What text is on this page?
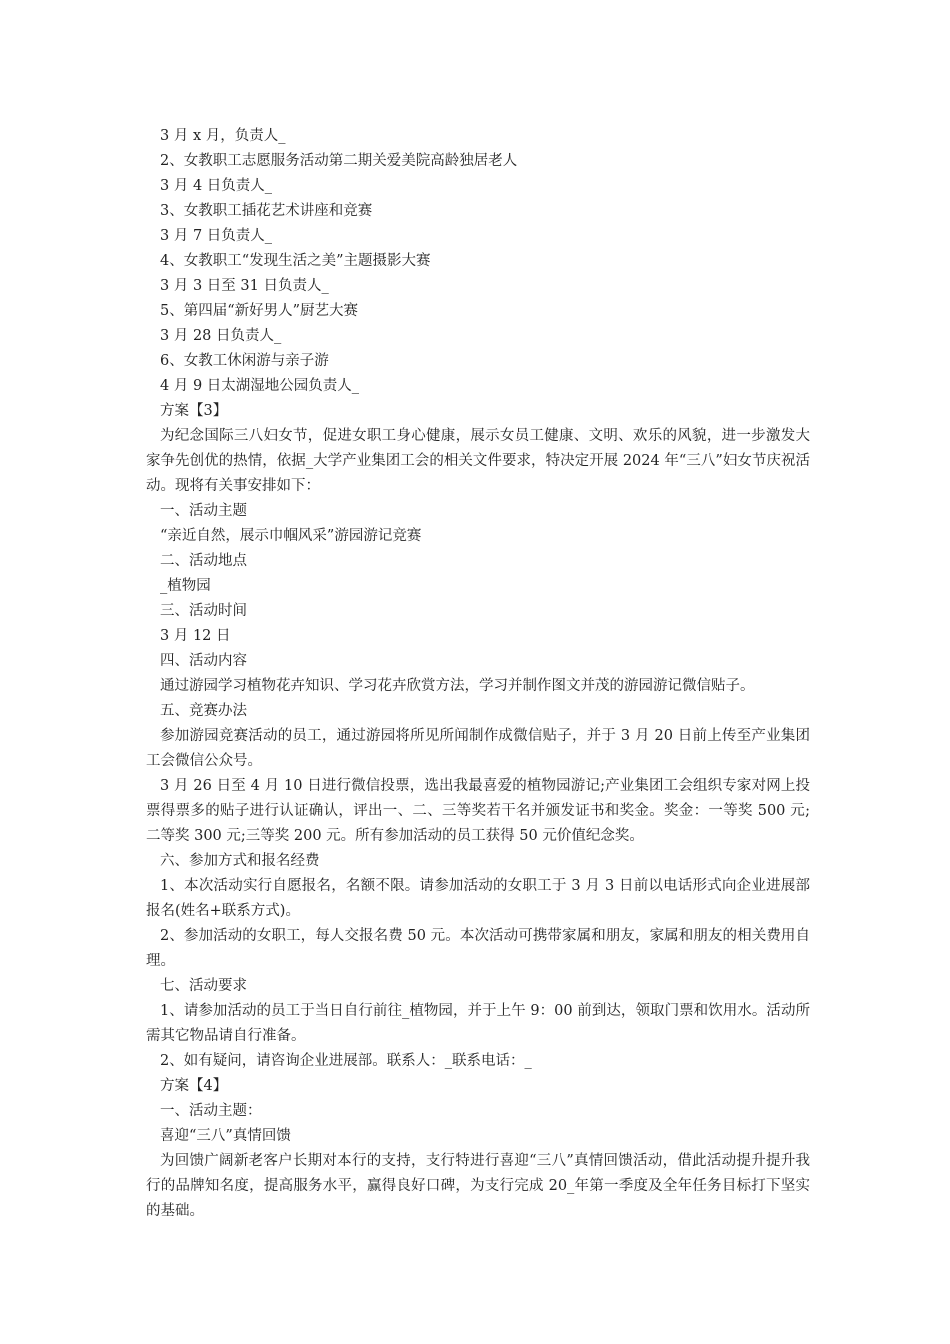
3 月 x 月，负责人_
2、女教职工志愿服务活动第二期关爱美院高龄独居老人
3 月 4 日负责人_
3、女教职工插花艺术讲座和竞赛
3 月 7 日负责人_
4、女教职工“发现生活之美”主题摄影大赛
3 月 3 日至 31 日负责人_
5、第四届“新好男人”厨艺大赛
3 月 28 日负责人_
6、女教工休闲游与亲子游
4 月 9 日太湖湿地公园负责人_
方案【3】
为纪念国际三八妇女节，促进女职工身心健康，展示女员工健康、文明、欢乐的风貌，进一步激发大家争先创优的热情，依据_大学产业集团工会的相关文件要求，特决定开展 2024 年“三八”妇女节庆祝活动。现将有关事安排如下：
一、活动主题
“亲近自然，展示巾帼风采”游园游记竞赛
二、活动地点
_植物园
三、活动时间
3 月 12 日
四、活动内容
通过游园学习植物花卉知识、学习花卉欣赏方法，学习并制作图文并茂的游园游记微信贴子。
五、竞赛办法
参加游园竞赛活动的员工，通过游园将所见所闻制作成微信贴子，并于 3 月 20 日前上传至产业集团工会微信公众号。
3 月 26 日至 4 月 10 日进行微信投票，选出我最喜爱的植物园游记;产业集团工会组织专家对网上投票得票多的贴子进行认证确认，评出一、二、三等奖若干名并颁发证书和奖金。奖金：一等奖 500 元;二等奖 300 元;三等奖 200 元。所有参加活动的员工获得 50 元价值纪念奖。
六、参加方式和报名经费
1、本次活动实行自愿报名，名额不限。请参加活动的女职工于 3 月 3 日前以电话形式向企业进展部报名(姓名+联系方式)。
2、参加活动的女职工，每人交报名费 50 元。本次活动可携带家属和朋友，家属和朋友的相关费用自理。
七、活动要求
1、请参加活动的员工于当日自行前往_植物园，并于上午 9：00 前到达，领取门票和饮用水。活动所需其它物品请自行准备。
2、如有疑问，请咨询企业进展部。联系人：_联系电话：_
方案【4】
一、活动主题：
喜迎“三八”真情回馈
为回馈广阔新老客户长期对本行的支持，支行特进行喜迎“三八”真情回馈活动，借此活动提升提升我行的品牌知名度，提高服务水平，赢得良好口碑，为支行完成 20_年第一季度及全年任务目标打下坚实的基础。
